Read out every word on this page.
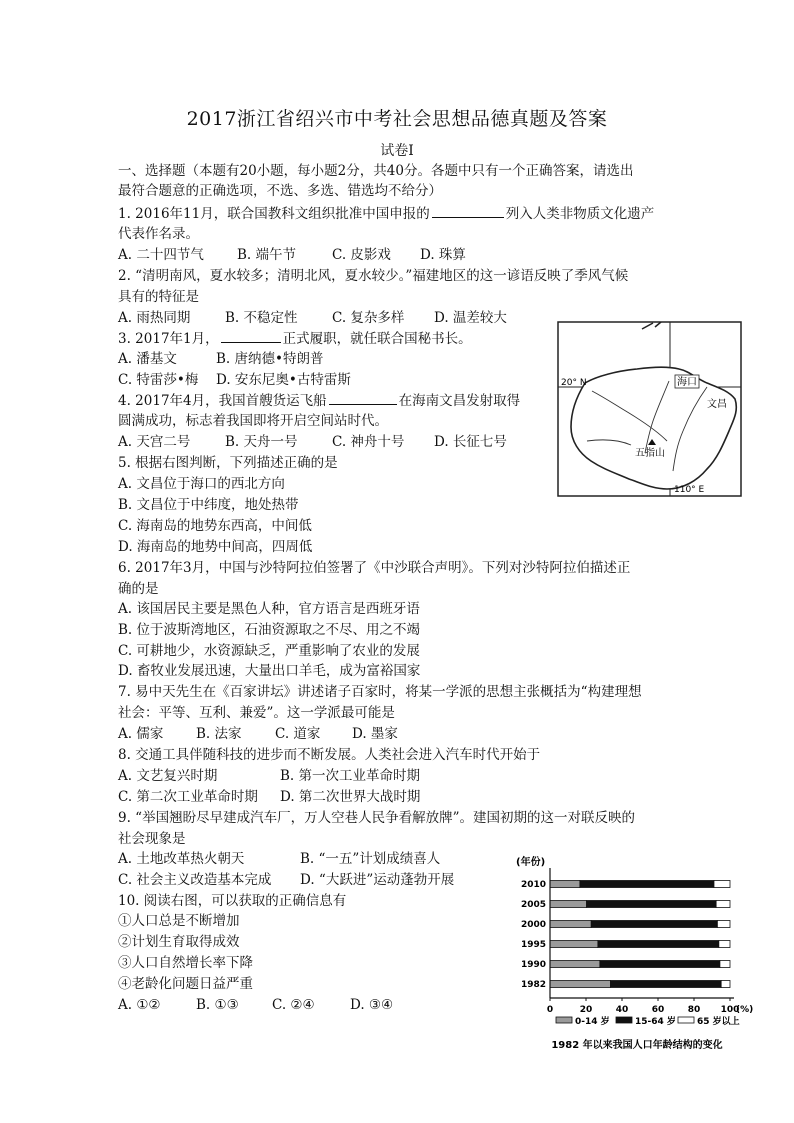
2017浙江省绍兴市中考社会思想品德真题及答案
试卷Ⅰ
一、选择题（本题有20小题，每小题2分，共40分。各题中只有一个正确答案，请选出
最符合题意的正确选项，不选、多选、错选均不给分）
1. 2016年11月，联合国教科文组织批准中国申报的	列入人类非物质文化遗产
代表作名录。
A. 二十四节气 B. 端午节	C. 皮影戏 D. 珠算
2. “清明南风，夏水较多；清明北风，夏水较少。”福建地区的这一谚语反映了季风气候
具有的特征是
A. 雨热同期	B. 不稳定性	C. 复杂多样 D. 温差较大
3. 2017年1月，	正式履职，就任联合国秘书长。
A. 潘基文	B. 唐纳德•特朗普
C. 特雷莎•梅 D. 安东尼奥•古特雷斯
4. 2017年4月，我国首艘货运飞船	在海南文昌发射取得
圆满成功，标志着我国即将开启空间站时代。
A. 天宫二号	B. 天舟一号	C. 神舟十号 D. 长征七号
5. 根据右图判断，下列描述正确的是
A. 文昌位于海口的西北方向
B. 文昌位于中纬度，地处热带
C. 海南岛的地势东西高，中间低
D. 海南岛的地势中间高，四周低
6. 2017年3月，中国与沙特阿拉伯签署了《中沙联合声明》。下列对沙特阿拉伯描述正
确的是
A. 该国居民主要是黑色人种，官方语言是西班牙语
B. 位于波斯湾地区，石油资源取之不尽、用之不竭
C. 可耕地少，水资源缺乏，严重影响了农业的发展
D. 畜牧业发展迅速，大量出口羊毛，成为富裕国家
7. 易中天先生在《百家讲坛》讲述诸子百家时，将某一学派的思想主张概括为“构建理想
社会：平等、互利、兼爱”。这一学派最可能是
A. 儒家 B. 法家 C. 道家 D. 墨家
8. 交通工具伴随科技的进步而不断发展。人类社会进入汽车时代开始于
A. 文艺复兴时期	B. 第一次工业革命时期
C. 第二次工业革命时期 D. 第二次世界大战时期
9. “举国翘盼尽早建成汽车厂，万人空巷人民争看解放牌”。建国初期的这一对联反映的
社会现象是
A. 土地改革热火朝天	B. “一五”计划成绩喜人
C. 社会主义改造基本完成 D. “大跃进”运动蓬勃开展
10. 阅读右图，可以获取的正确信息有
①人口总是不断增加
②计划生育取得成效
③人口自然增长率下降
④老龄化问题日益严重
A. ①②	B. ①③ C. ②④	D. ③④
20° N
110° E
海口
文昌
五指山
(年份)
0	20	40	60	80 100
(%)
2010
2005
2000
1995
1990
1982
0-14 岁	15-64 岁 65 岁以上
1982 年以来我国人口年龄结构的变化
